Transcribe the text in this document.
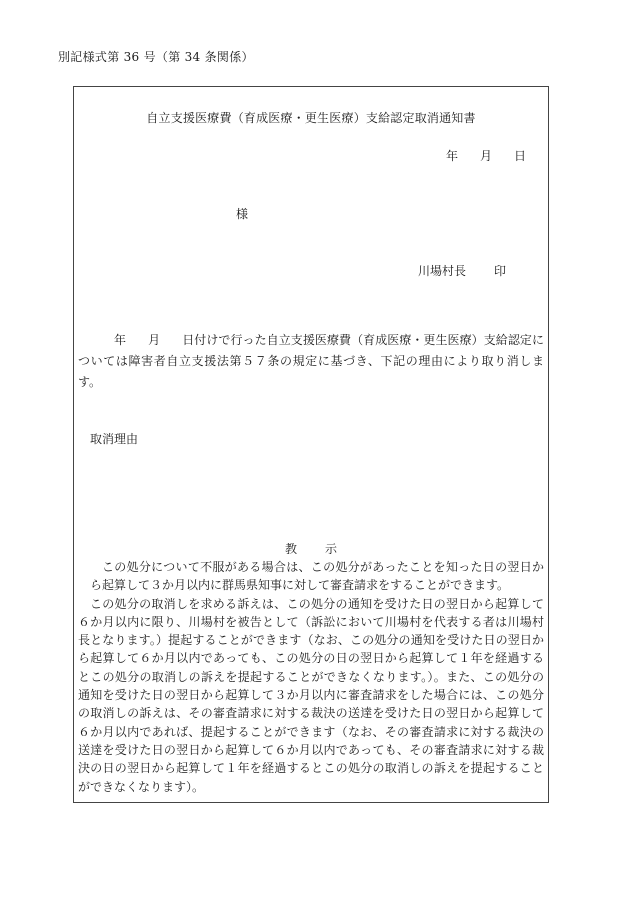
別記様式第 36 号（第 34 条関係）
自立支援医療費（育成医療・更生医療）支給認定取消通知書
年 月 日
様
川場村長 印
年 月 日付けで行った自立支援医療費（育成医療・更生医療）支給認定については障害者自立支援法第５７条の規定に基づき、下記の理由により取り消します。
取消理由
教示

この処分について不服がある場合は、この処分があったことを知った日の翌日から起算して３か月以内に群馬県知事に対して審査請求をすることができます。

この処分の取消しを求める訴えは、この処分の通知を受けた日の翌日から起算して６か月以内に限り、川場村を被告として（訴訟において川場村を代表する者は川場村長となります。）提起することができます（なお、この処分の通知を受けた日の翌日から起算して６か月以内であっても、この処分の日の翌日から起算して１年を経過するとこの処分の取消しの訴えを提起することができなくなります。）。また、この処分の通知を受けた日の翌日から起算して３か月以内に審査請求をした場合には、この処分の取消しの訴えは、その審査請求に対する裁決の送達を受けた日の翌日から起算して６か月以内であれば、提起することができます（なお、その審査請求に対する裁決の送達を受けた日の翌日から起算して６か月以内であっても、その審査請求に対する裁決の日の翌日から起算して１年を経過するとこの処分の取消しの訴えを提起することができなくなります）。
